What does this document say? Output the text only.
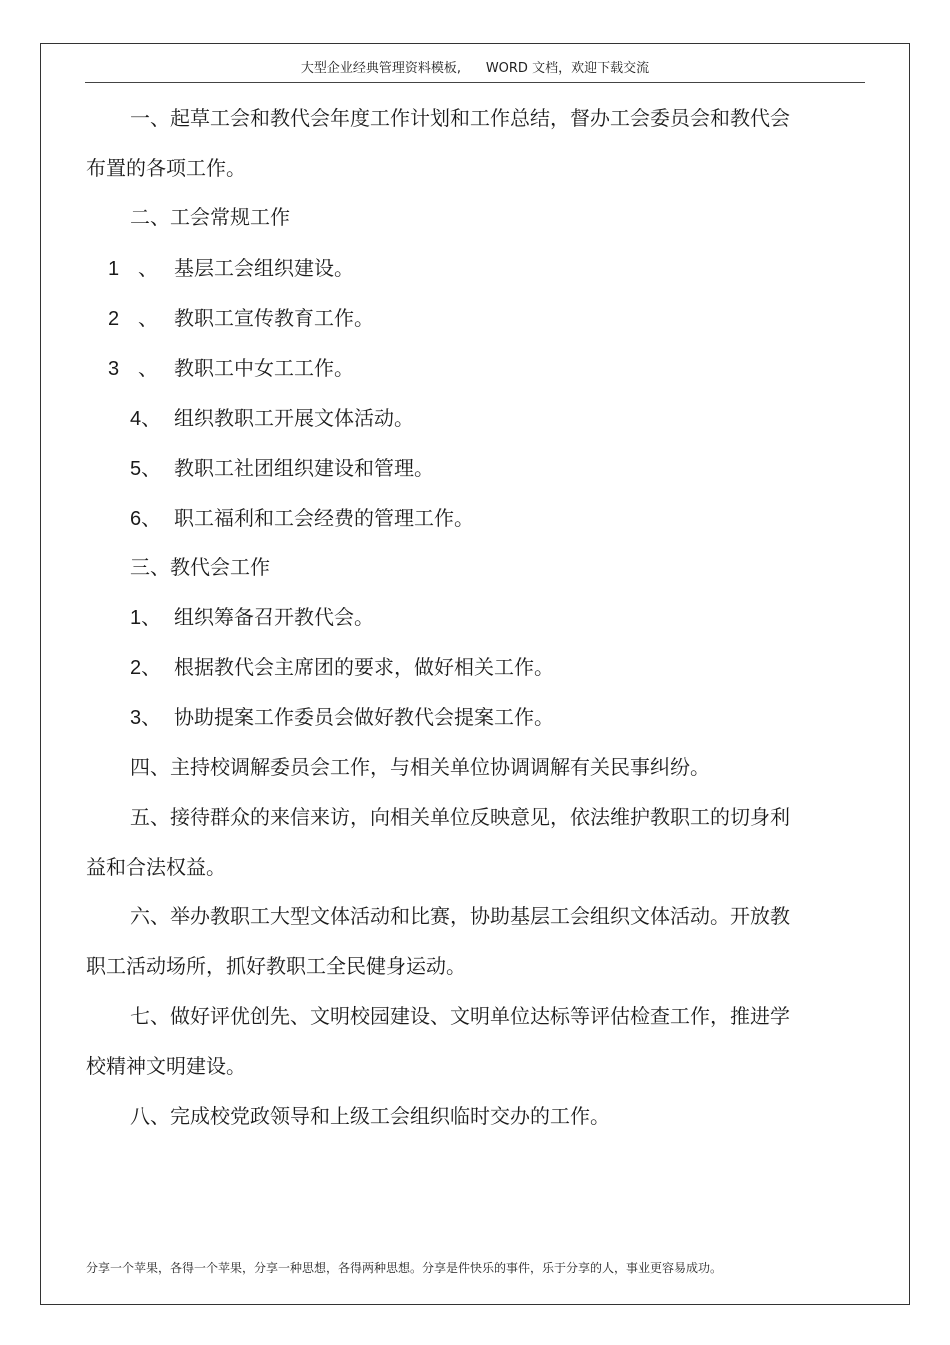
大型企业经典管理资料模板,      WORD 文档，欢迎下载交流
一、起草工会和教代会年度工作计划和工作总结，督办工会委员会和教代会
布置的各项工作。
二、工会常规工作
1 、 基层工会组织建设。
2 、 教职工宣传教育工作。
3 、 教职工中女工工作。
4、 组织教职工开展文体活动。
5、 教职工社团组织建设和管理。
6、 职工福利和工会经费的管理工作。
三、教代会工作
1、 组织筹备召开教代会。
2、 根据教代会主席团的要求，做好相关工作。
3、 协助提案工作委员会做好教代会提案工作。
四、主持校调解委员会工作，与相关单位协调调解有关民事纠纷。
五、接待群众的来信来访，向相关单位反映意见，依法维护教职工的切身利
益和合法权益。
六、举办教职工大型文体活动和比赛，协助基层工会组织文体活动。开放教
职工活动场所，抓好教职工全民健身运动。
七、做好评优创先、文明校园建设、文明单位达标等评估检查工作，推进学
校精神文明建设。
八、完成校党政领导和上级工会组织临时交办的工作。
分享一个苹果，各得一个苹果，分享一种思想，各得两种思想。分享是件快乐的事件，乐于分享的人，事业更容易成功。
